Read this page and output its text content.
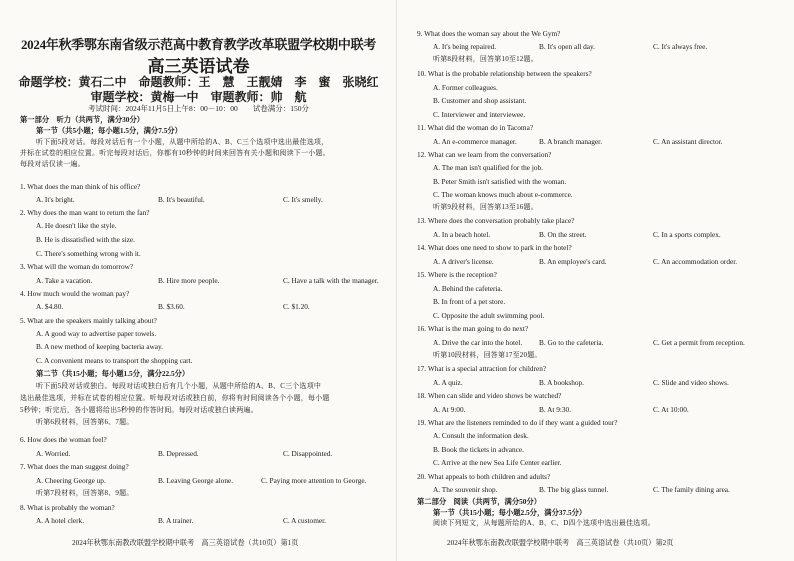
2024年秋季鄂东南省级示范高中教育教学改革联盟学校期中联考
高三英语试卷
命题学校：黄石二中　命题教师：王　慧　王靓婧　李　蜜　张晓红
审题学校：黄梅一中　审题教师：帅　航
考试时间：2024年11月5日上午8：00－10：00　　试卷满分：150分
第一部分　听力（共两节，满分30分）
第一节（共5小题；每小题1.5分，满分7.5分）
听下面5段对话。每段对话后有一个小题，从题中所给的A、B、C三个选项中选出最佳选项，
并标在试卷的相应位置。听完每段对话后，你都有10秒钟的时间来回答有关小题和阅读下一小题。
每段对话仅读一遍。
1. What does the man think of his office?
A. It's bright.	B. It's beautiful.	C. It's smelly.
2. Why does the man want to return the fan?
A. He doesn't like the style.
B. He is dissatisfied with the size.
C. There's something wrong with it.
3. What will the woman do tomorrow?
A. Take a vacation.	B. Hire more people.	C. Have a talk with the manager.
4. How much would the woman pay?
A. $4.80.	B. $3.60.	C. $1.20.
5. What are the speakers mainly talking about?
A. A good way to advertise paper towels.
B. A new method of keeping bacteria away.
C. A convenient means to transport the shopping cart.
第二节（共15小题；每小题1.5分，满分22.5分）
听下面5段对话或独白。每段对话或独白后有几个小题，从题中所给的A、B、C三个选项中
选出最佳选项，并标在试卷的相应位置。听每段对话或独白前，你将有时间阅读各个小题，每小题
5秒钟；听完后，各小题将给出5秒钟的作答时间。每段对话或独白读两遍。
听第6段材料，回答第6、7题。
6. How does the woman feel?
A. Worried.	B. Depressed.	C. Disappointed.
7. What does the man suggest doing?
A. Cheering George up.	B. Leaving George alone.	C. Paying more attention to George.
听第7段材料，回答第8、9题。
8. What is probably the woman?
A. A hotel clerk.	B. A trainer.	C. A customer.
2024年秋鄂东南教改联盟学校期中联考　高三英语试卷（共10页）第1页
9. What does the woman say about the We Gym?
A. It's being repaired.	B. It's open all day.	C. It's always free.
听第8段材料，回答第10至12题。
10. What is the probable relationship between the speakers?
A. Former colleagues.
B. Customer and shop assistant.
C. Interviewer and interviewee.
11. What did the woman do in Tacoma?
A. An e-commerce manager.	B. A branch manager.	C. An assistant director.
12. What can we learn from the conversation?
A. The man isn't qualified for the job.
B. Peter Smith isn't satisfied with the woman.
C. The woman knows much about e-commerce.
听第9段材料，回答第13至16题。
13. Where does the conversation probably take place?
A. In a beach hotel.	B. On the street.	C. In a sports complex.
14. What does one need to show to park in the hotel?
A. A driver's license.	B. An employee's card.	C. An accommodation order.
15. Where is the reception?
A. Behind the cafeteria.
B. In front of a pet store.
C. Opposite the adult swimming pool.
16. What is the man going to do next?
A. Drive the car into the hotel. B. Go to the cafeteria.	C. Get a permit from reception.
听第10段材料，回答第17至20题。
17. What is a special attraction for children?
A. A quiz.	B. A bookshop.	C. Slide and video shows.
18. When can slide and video shows be watched?
A. At 9:00.	B. At 9:30.	C. At 10:00.
19. What are the listeners reminded to do if they want a guided tour?
A. Consult the information desk.
B. Book the tickets in advance.
C. Arrive at the new Sea Life Center earlier.
20. What appeals to both children and adults?
A. The souvenir shop.	B. The big glass tunnel.	C. The family dining area.
第二部分　阅读（共两节，满分50分）
第一节（共15小题；每小题2.5分，满分37.5分）
阅读下列短文，从每题所给的A、B、C、D四个选项中选出最佳选项。
2024年秋鄂东南教改联盟学校期中联考　高三英语试卷（共10页）第2页
